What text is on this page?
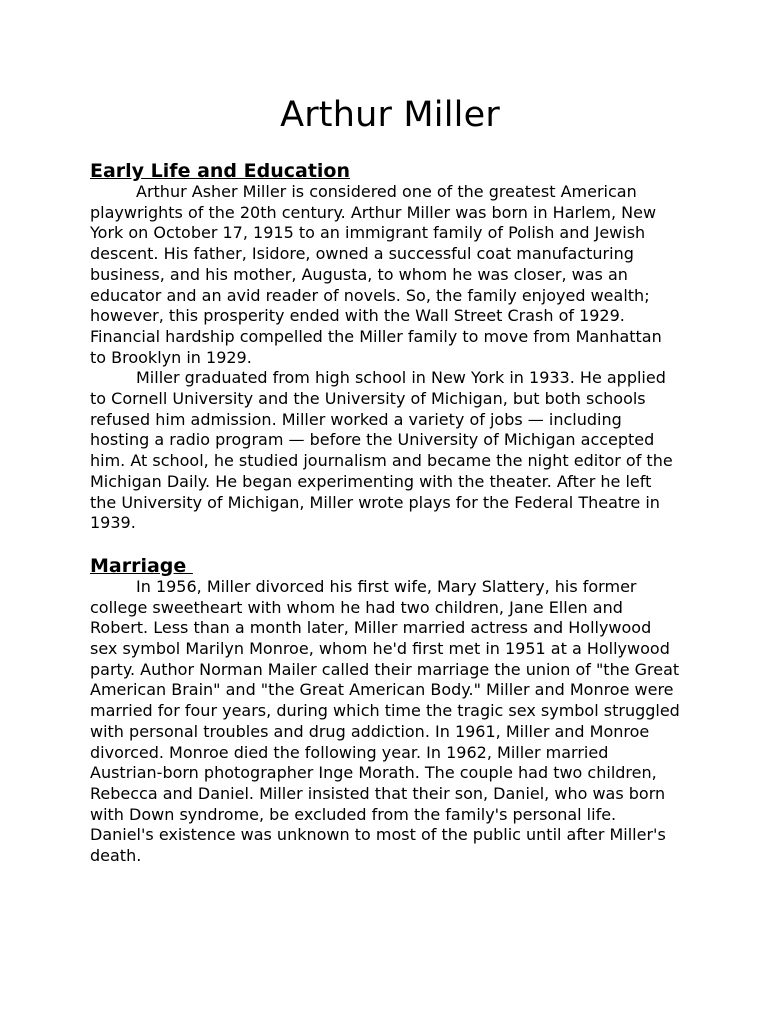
Arthur Miller
Early Life and Education

Arthur Asher Miller is considered one of the greatest American playwrights of the 20th century. Arthur Miller was born in Harlem, New York on October 17, 1915 to an immigrant family of Polish and Jewish descent. His father, Isidore, owned a successful coat manufacturing business, and his mother, Augusta, to whom he was closer, was an educator and an avid reader of novels. So, the family enjoyed wealth; however, this prosperity ended with the Wall Street Crash of 1929. Financial hardship compelled the Miller family to move from Manhattan to Brooklyn in 1929.

Miller graduated from high school in New York in 1933. He applied to Cornell University and the University of Michigan, but both schools refused him admission. Miller worked a variety of jobs — including hosting a radio program — before the University of Michigan accepted him. At school, he studied journalism and became the night editor of the Michigan Daily. He began experimenting with the theater. After he left the University of Michigan, Miller wrote plays for the Federal Theatre in 1939.

Marriage

In 1956, Miller divorced his first wife, Mary Slattery, his former college sweetheart with whom he had two children, Jane Ellen and Robert. Less than a month later, Miller married actress and Hollywood sex symbol Marilyn Monroe, whom he'd first met in 1951 at a Hollywood party. Author Norman Mailer called their marriage the union of "the Great American Brain" and "the Great American Body." Miller and Monroe were married for four years, during which time the tragic sex symbol struggled with personal troubles and drug addiction. In 1961, Miller and Monroe divorced. Monroe died the following year. In 1962, Miller married Austrian-born photographer Inge Morath. The couple had two children, Rebecca and Daniel. Miller insisted that their son, Daniel, who was born with Down syndrome, be excluded from the family's personal life. Daniel's existence was unknown to most of the public until after Miller's death.
